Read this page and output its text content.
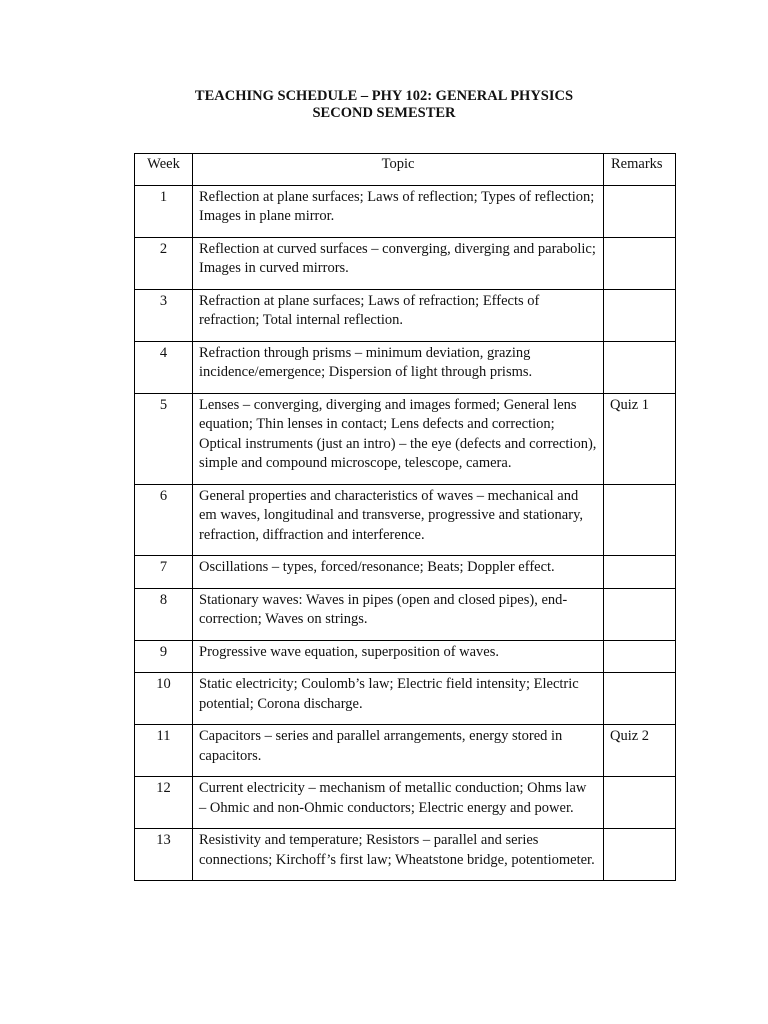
TEACHING SCHEDULE – PHY 102: GENERAL PHYSICS
SECOND SEMESTER
Week	Topic	Remarks
1	Reflection at plane surfaces; Laws of reflection; Types of reflection; Images in plane mirror.	
2	Reflection at curved surfaces – converging, diverging and parabolic; Images in curved mirrors.	
3	Refraction at plane surfaces; Laws of refraction; Effects of refraction; Total internal reflection.	
4	Refraction through prisms – minimum deviation, grazing incidence/emergence; Dispersion of light through prisms.	
5	Lenses – converging, diverging and images formed; General lens equation; Thin lenses in contact; Lens defects and correction; Optical instruments (just an intro) – the eye (defects and correction), simple and compound microscope, telescope, camera.	Quiz 1
6	General properties and characteristics of waves – mechanical and em waves, longitudinal and transverse, progressive and stationary, refraction, diffraction and interference.	
7	Oscillations – types, forced/resonance; Beats; Doppler effect.	
8	Stationary waves: Waves in pipes (open and closed pipes), end-correction; Waves on strings.	
9	Progressive wave equation, superposition of waves.	
10	Static electricity; Coulomb’s law; Electric field intensity; Electric potential; Corona discharge.	
11	Capacitors – series and parallel arrangements, energy stored in capacitors.	Quiz 2
12	Current electricity – mechanism of metallic conduction; Ohms law – Ohmic and non-Ohmic conductors; Electric energy and power.	
13	Resistivity and temperature; Resistors – parallel and series connections; Kirchoff’s first law; Wheatstone bridge, potentiometer.	
